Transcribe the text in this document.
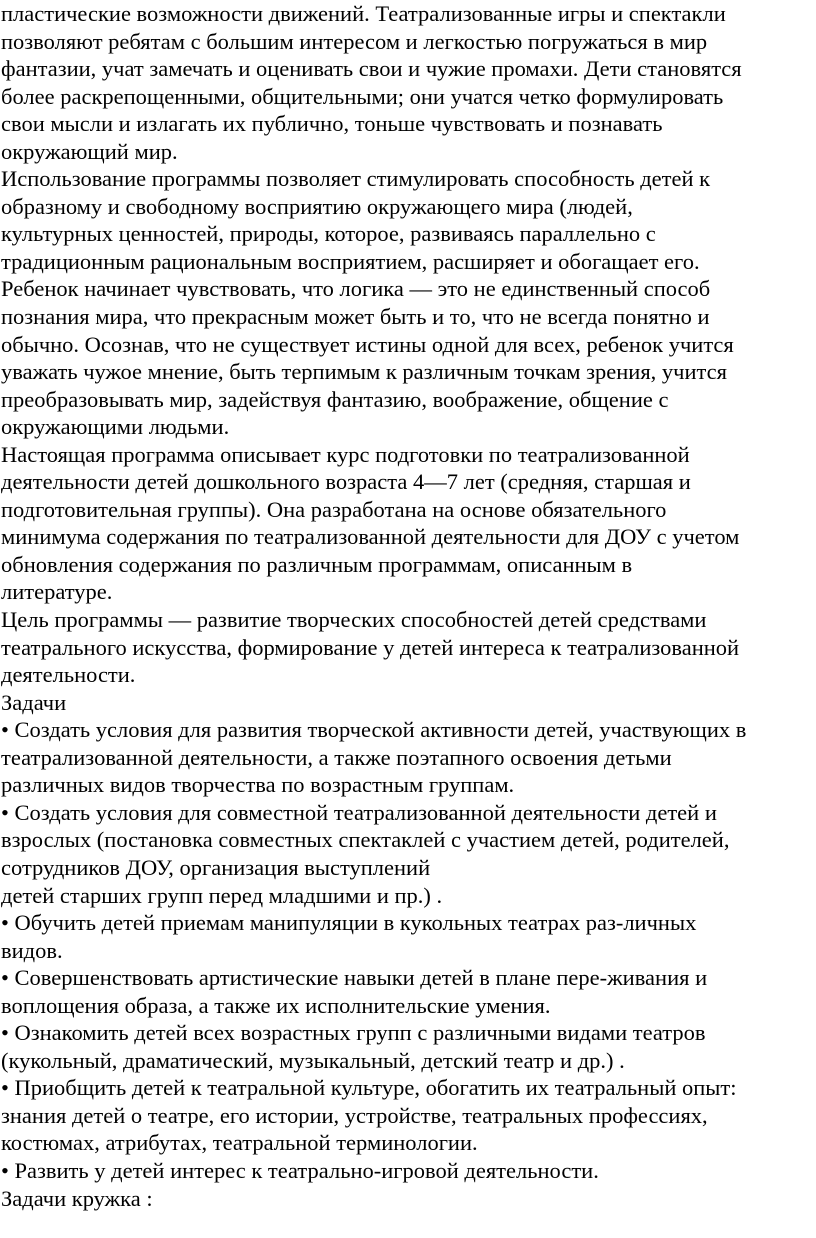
пластические возможности движений. Театрализованные игры и спектакли

позволяют ребятам с большим интересом и легкостью погружаться в мир

фантазии, учат замечать и оценивать свои и чужие промахи. Дети становятся

более раскрепощенными, общительными; они учатся четко формулировать

свои мысли и излагать их публично, тоньше чувствовать и познавать

окружающий мир.

Использование программы позволяет стимулировать способность детей к

образному и свободному восприятию окружающего мира (людей,

культурных ценностей, природы, которое, развиваясь параллельно с

традиционным рациональным восприятием, расширяет и обогащает его.

Ребенок начинает чувствовать, что логика — это не единственный способ

познания мира, что прекрасным может быть и то, что не всегда понятно и

обычно. Осознав, что не существует истины одной для всех, ребенок учится

уважать чужое мнение, быть терпимым к различным точкам зрения, учится

преобразовывать мир, задействуя фантазию, воображение, общение с

окружающими людьми.

Настоящая программа описывает курс подготовки по театрализованной

деятельности детей дошкольного возраста 4—7 лет (средняя, старшая и

подготовительная группы). Она разработана на основе обязательного

минимума содержания по театрализованной деятельности для ДОУ с учетом

обновления содержания по различным программам, описанным в

литературе.

Цель программы — развитие творческих способностей детей средствами

театрального искусства, формирование у детей интереса к театрализованной

деятельности.

Задачи

• Создать условия для развития творческой активности детей, участвующих в

театрализованной деятельности, а также поэтапного освоения детьми

различных видов творчества по возрастным группам.

• Создать условия для совместной театрализованной деятельности детей и

взрослых (постановка совместных спектаклей с участием детей, родителей,

сотрудников ДОУ, организация выступлений

детей старших групп перед младшими и пр.) .

• Обучить детей приемам манипуляции в кукольных театрах раз-личных

видов.

• Совершенствовать артистические навыки детей в плане пере-живания и

воплощения образа, а также их исполнительские умения.

• Ознакомить детей всех возрастных групп с различными видами театров

(кукольный, драматический, музыкальный, детский театр и др.) .

• Приобщить детей к театральной культуре, обогатить их театральный опыт:

знания детей о театре, его истории, устройстве, театральных профессиях,

костюмах, атрибутах, театральной терминологии.

• Развить у детей интерес к театрально-игровой деятельности.

Задачи кружка :
